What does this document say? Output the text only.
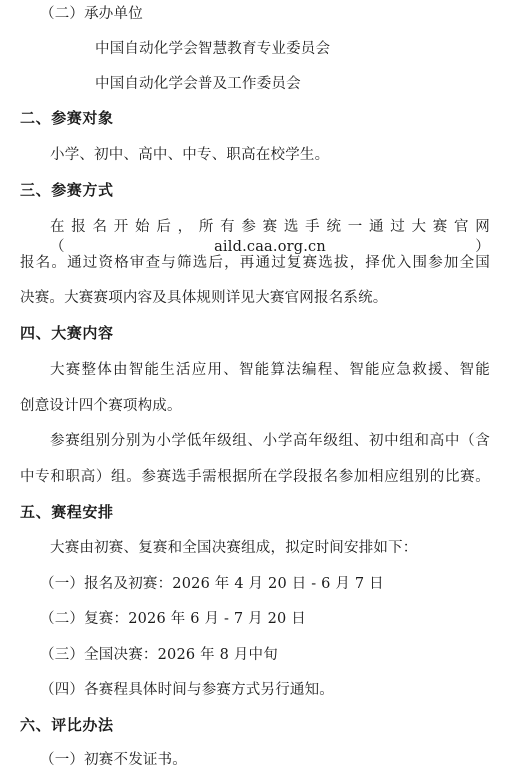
（二）承办单位
中国自动化学会智慧教育专业委员会
中国自动化学会普及工作委员会
二、参赛对象
小学、初中、高中、中专、职高在校学生。
三、参赛方式
在报名开始后，所有参赛选手统一通过大赛官网（aild.caa.org.cn）
报名。通过资格审查与筛选后，再通过复赛选拔，择优入围参加全国
决赛。大赛赛项内容及具体规则详见大赛官网报名系统。
四、大赛内容
大赛整体由智能生活应用、智能算法编程、智能应急救援、智能
创意设计四个赛项构成。
参赛组别分别为小学低年级组、小学高年级组、初中组和高中（含
中专和职高）组。参赛选手需根据所在学段报名参加相应组别的比赛。
五、赛程安排
大赛由初赛、复赛和全国决赛组成，拟定时间安排如下：
（一）报名及初赛：2026 年 4 月 20 日 - 6 月 7 日
（二）复赛：2026 年 6 月 - 7 月 20 日
（三）全国决赛：2026 年 8 月中旬
（四）各赛程具体时间与参赛方式另行通知。
六、评比办法
（一）初赛不发证书。
